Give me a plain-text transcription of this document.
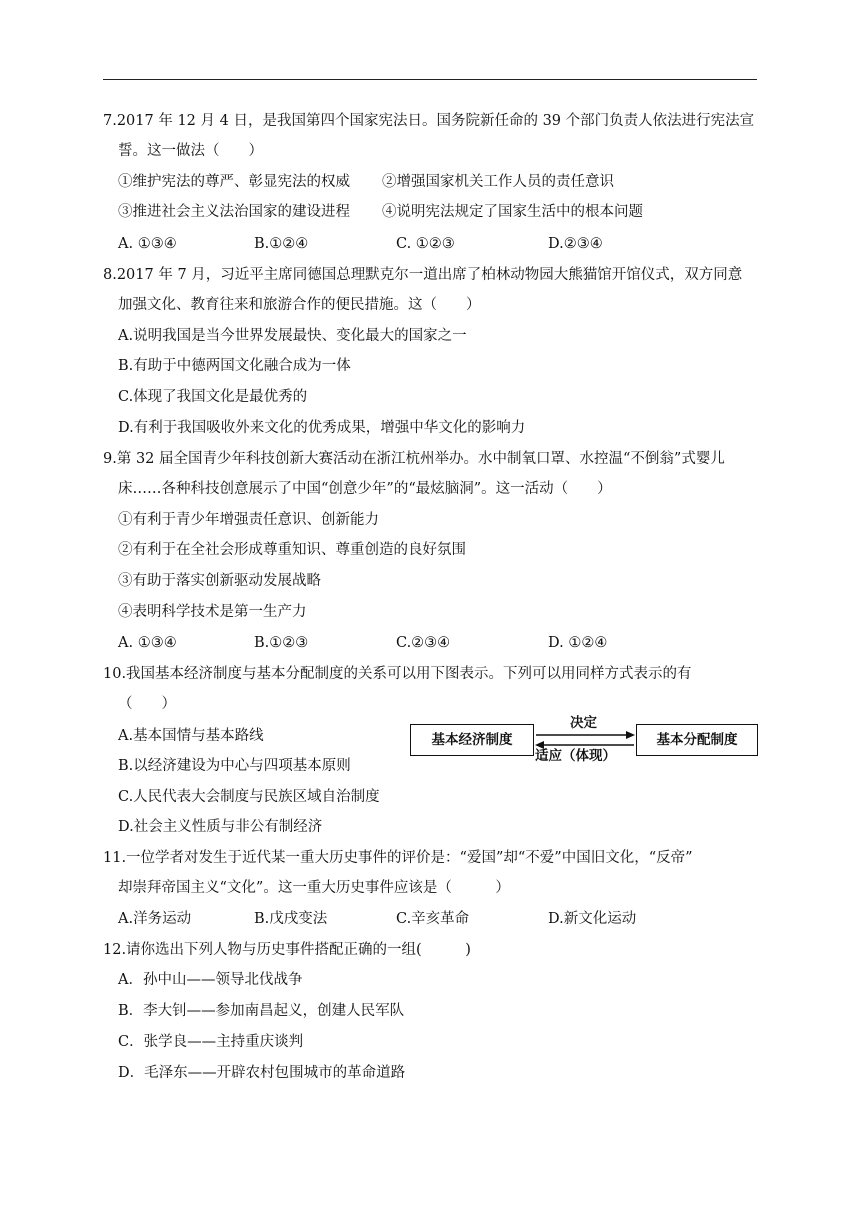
7.2017 年 12 月 4 日，是我国第四个国家宪法日。国务院新任命的 39 个部门负责人依法进行宪法宣
誓。这一做法（　　）
①维护宪法的尊严、彰显宪法的权威 ②增强国家机关工作人员的责任意识
③推进社会主义法治国家的建设进程 ④说明宪法规定了国家生活中的根本问题
A. ①③④	B.①②④	C. ①②③	D.②③④
8.2017 年 7 月，习近平主席同德国总理默克尔一道出席了柏林动物园大熊猫馆开馆仪式，双方同意
加强文化、教育往来和旅游合作的便民措施。这（　　）
A.说明我国是当今世界发展最快、变化最大的国家之一
B.有助于中德两国文化融合成为一体
C.体现了我国文化是最优秀的
D.有利于我国吸收外来文化的优秀成果，增强中华文化的影响力
9.第 32 届全国青少年科技创新大赛活动在浙江杭州举办。水中制氧口罩、水控温“不倒翁”式婴儿
床……各种科技创意展示了中国“创意少年”的“最炫脑洞”。这一活动（　　）
①有利于青少年增强责任意识、创新能力
②有利于在全社会形成尊重知识、尊重创造的良好氛围
③有助于落实创新驱动发展战略
④表明科学技术是第一生产力
A. ①③④	B.①②③	C.②③④	D. ①②④
10.我国基本经济制度与基本分配制度的关系可以用下图表示。下列可以用同样方式表示的有
（　　）
A.基本国情与基本路线
B.以经济建设为中心与四项基本原则
C.人民代表大会制度与民族区域自治制度
D.社会主义性质与非公有制经济
基本经济制度	基本分配制度
决定
适应（体现）
11.一位学者对发生于近代某一重大历史事件的评价是：“爱国”却“不爱”中国旧文化，“反帝”
却崇拜帝国主义“文化”。这一重大历史事件应该是（　　　）
A.洋务运动	B.戊戌变法	C.辛亥革命	D.新文化运动
12.请你选出下列人物与历史事件搭配正确的一组(　　　)
A．孙中山——领导北伐战争
B．李大钊——参加南昌起义，创建人民军队
C．张学良——主持重庆谈判
D．毛泽东——开辟农村包围城市的革命道路
